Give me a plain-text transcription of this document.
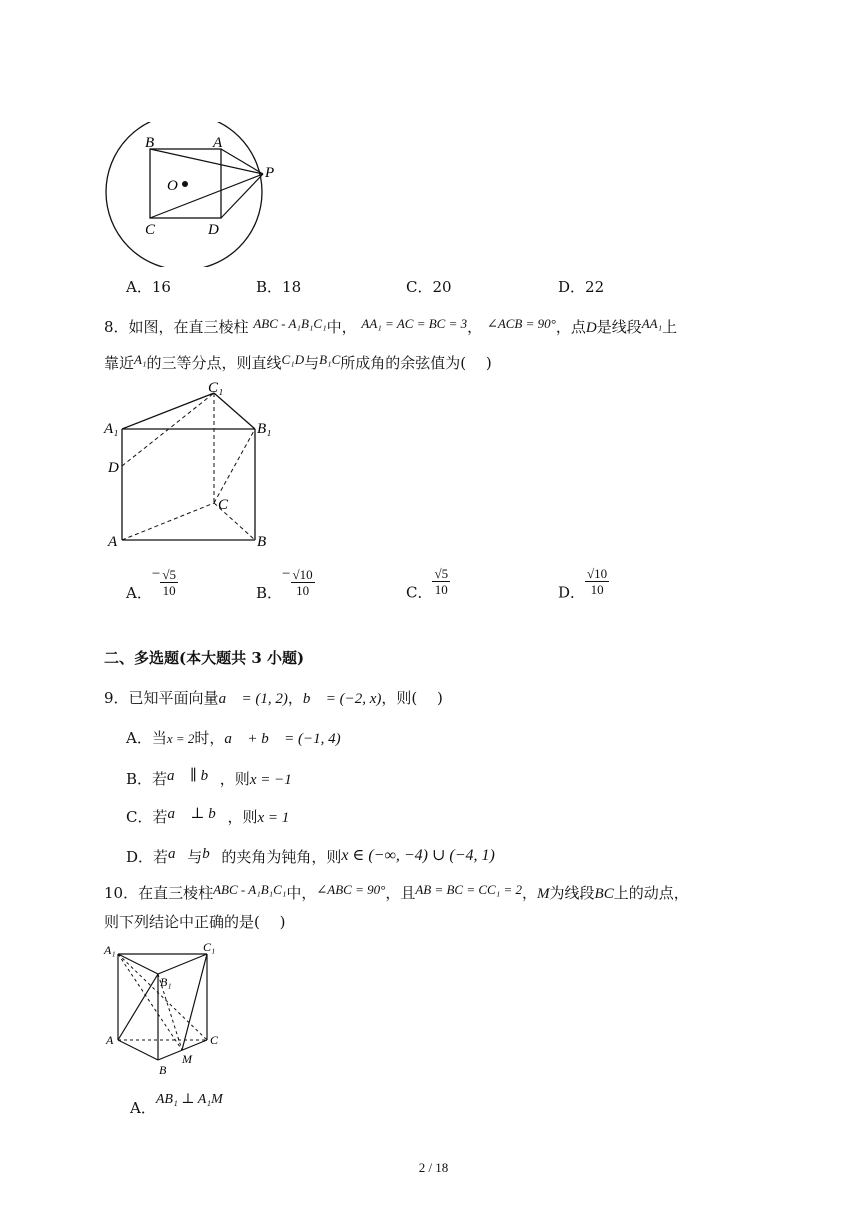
B	A
O
P
C	D
A．16	B．18	C．20	D．22
8．如图，在直三棱柱 ABC - A₁B₁C₁中， AA₁ = AC = BC = 3， ∠ACB = 90°，点D是线段AA₁上
靠近A₁的三等分点，则直线C₁D与B₁C所成角的余弦值为(　 )
C₁
A₁	B₁
D
C
A	B
A．− $\frac{√5}{10}$	B．− $\frac{√10}{10}$	C． $\frac{√5}{10}$	D． $\frac{√10}{10}$
二、多选题(本大题共 3 小题)
9．已知平面向量a⃗ = (1, 2)，b⃗ = (−2, x)，则(　 )
A．当x = 2时，a⃗ + b⃗ = (−1, 4)
B．若a⃗ ∥ b⃗，则x = −1
C．若a⃗ ⊥ b⃗，则x = 1
D．若a⃗与b⃗的夹角为钝角，则x ∈ (−∞, −4) ∪ (−4, 1)
10．在直三棱柱ABC - A₁B₁C₁中，∠ABC = 90°，且AB = BC = CC₁ = 2，M为线段BC上的动点，
则下列结论中正确的是(　 )
A₁	C₁
B₁
A	C
M
B
A．AB₁ ⊥ A₁M
2 / 18
